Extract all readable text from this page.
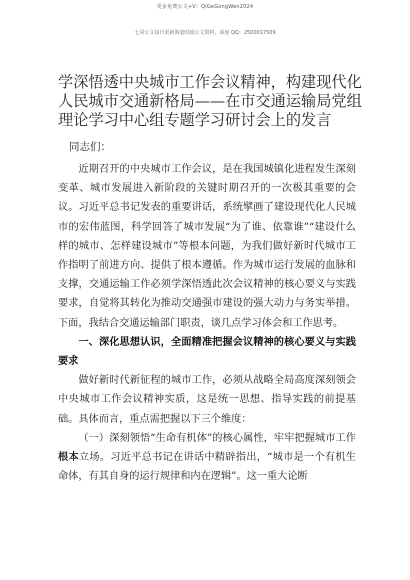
更多免费公文+V：QiGeGongWen2024
七哥公文每日更新海量时政公文资料，添加 QQ：2500017509
学深悟透中央城市工作会议精神，构建现代化
人民城市交通新格局——在市交通运输局党组
理论学习中心组专题学习研讨会上的发言
同志们：

近期召开的中央城市工作会议，是在我国城镇化进程发生深刻变革、城市发展进入新阶段的关键时期召开的一次极其重要的会议。习近平总书记发表的重要讲话，系统擘画了建设现代化人民城市的宏伟蓝图，科学回答了城市发展“为了谁、依靠谁”“建设什么样的城市、怎样建设城市”等根本问题，为我们做好新时代城市工作指明了前进方向、提供了根本遵循。作为城市运行发展的血脉和支撑，交通运输工作必须学深悟透此次会议精神的核心要义与实践要求，自觉将其转化为推动交通强市建设的强大动力与务实举措。下面，我结合交通运输部门职责，谈几点学习体会和工作思考。

一、深化思想认识，全面精准把握会议精神的核心要义与实践要求

做好新时代新征程的城市工作，必须从战略全局高度深刻领会中央城市工作会议精神实质，这是统一思想、指导实践的前提基础。具体而言，重点需把握以下三个维度：

（一）深刻领悟“生命有机体”的核心属性，牢牢把握城市工作根本立场。习近平总书记在讲话中精辟指出，“城市是一个有机生命体，有其自身的运行规律和内在逻辑”。这一重大论断
